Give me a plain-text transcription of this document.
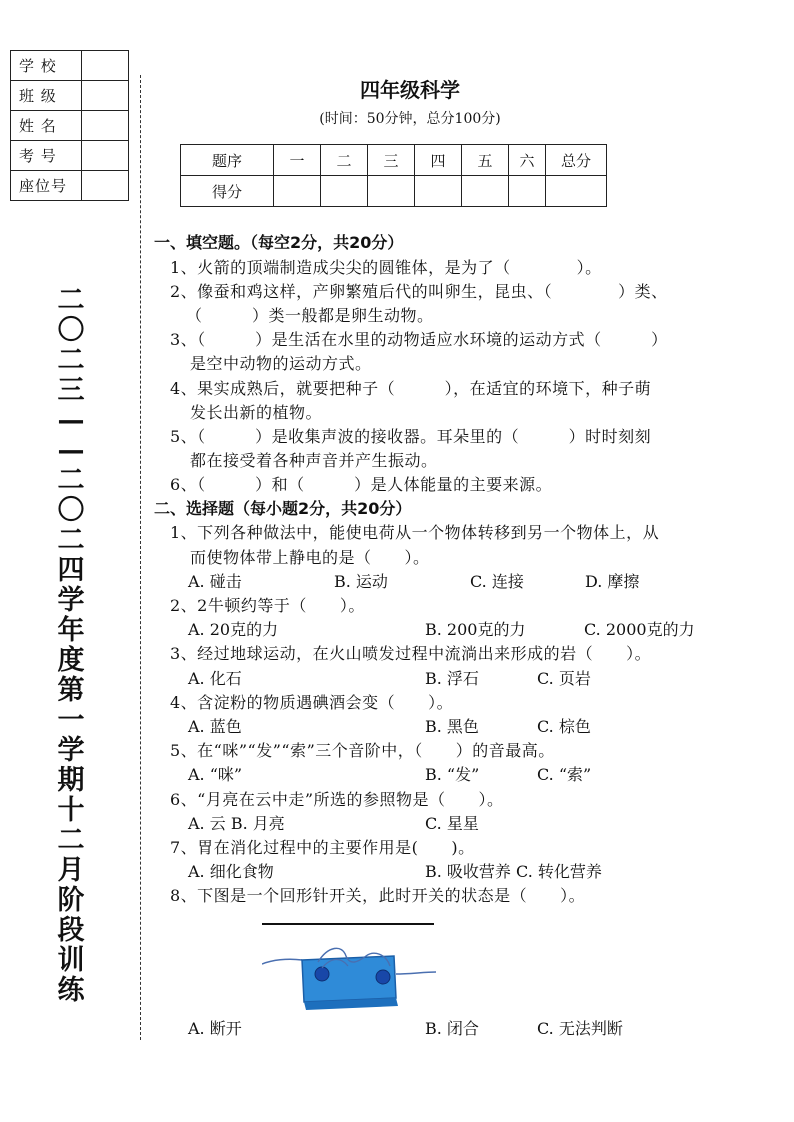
学 校	
班 级	
姓 名	
考 号	
座位号	
二
〇
二
三
—
—
二
〇
二
四
学
年
度
第
一
学
期
十
二
月
阶
段
训
练
四年级科学
(时间：50分钟，总分100分)
题序	一	二	三	四	五	六	总分
得分							
一、填空题。（每空2分，共20分）
1、火箭的顶端制造成尖尖的圆锥体，是为了（　　　　）。
2、像蚕和鸡这样，产卵繁殖后代的叫卵生，昆虫、（　　　　）类、
（　　　）类一般都是卵生动物。
3、（　　　）是生活在水里的动物适应水环境的运动方式（　　　）
是空中动物的运动方式。
4、果实成熟后，就要把种子（　　　），在适宜的环境下，种子萌
发长出新的植物。
5、（　　　）是收集声波的接收器。耳朵里的（　　　）时时刻刻
都在接受着各种声音并产生振动。
6、（　　　）和（　　　）是人体能量的主要来源。
二、选择题（每小题2分，共20分）
1、下列各种做法中，能使电荷从一个物体转移到另一个物体上，从
而使物体带上静电的是（　　）。
A. 碰击	B. 运动	C. 连接	D. 摩擦
2、2牛顿约等于（　　）。
A. 20克的力	B. 200克的力	C. 2000克的力
3、经过地球运动，在火山喷发过程中流淌出来形成的岩（　　）。
A. 化石	B. 浮石	C. 页岩
4、含淀粉的物质遇碘酒会变（　　）。
A. 蓝色	B. 黑色	C. 棕色
5、在“咪”“发”“索”三个音阶中，（　　）的音最高。
A. “咪”	B. “发”	C. “索”
6、“月亮在云中走”所选的参照物是（　　）。
A. 云 B. 月亮	C. 星星
7、胃在消化过程中的主要作用是(　　)。
A. 细化食物	B. 吸收营养 C. 转化营养
8、下图是一个回形针开关，此时开关的状态是（　　）。
A. 断开	B. 闭合	C. 无法判断
